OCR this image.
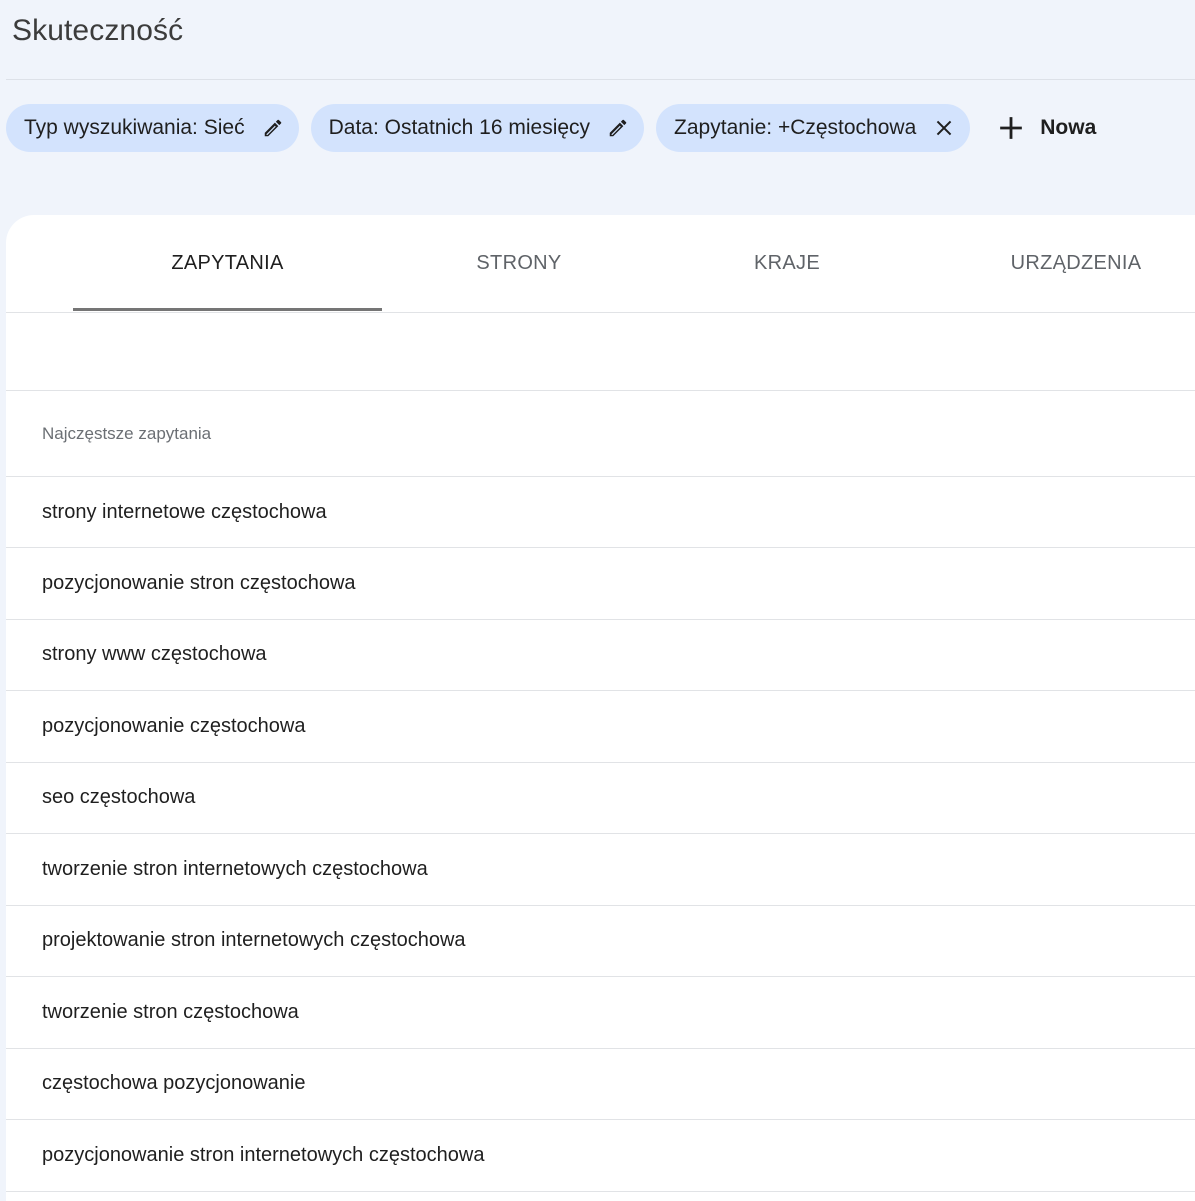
Skuteczność
Typ wyszukiwania: Sieć	Data: Ostatnich 16 miesięcy	Zapytanie: +Częstochowa	Nowa
ZAPYTANIA	STRONY	KRAJE	URZĄDZENIA
Najczęstsze zapytania
strony internetowe częstochowa
pozycjonowanie stron częstochowa
strony www częstochowa
pozycjonowanie częstochowa
seo częstochowa
tworzenie stron internetowych częstochowa
projektowanie stron internetowych częstochowa
tworzenie stron częstochowa
częstochowa pozycjonowanie
pozycjonowanie stron internetowych częstochowa
